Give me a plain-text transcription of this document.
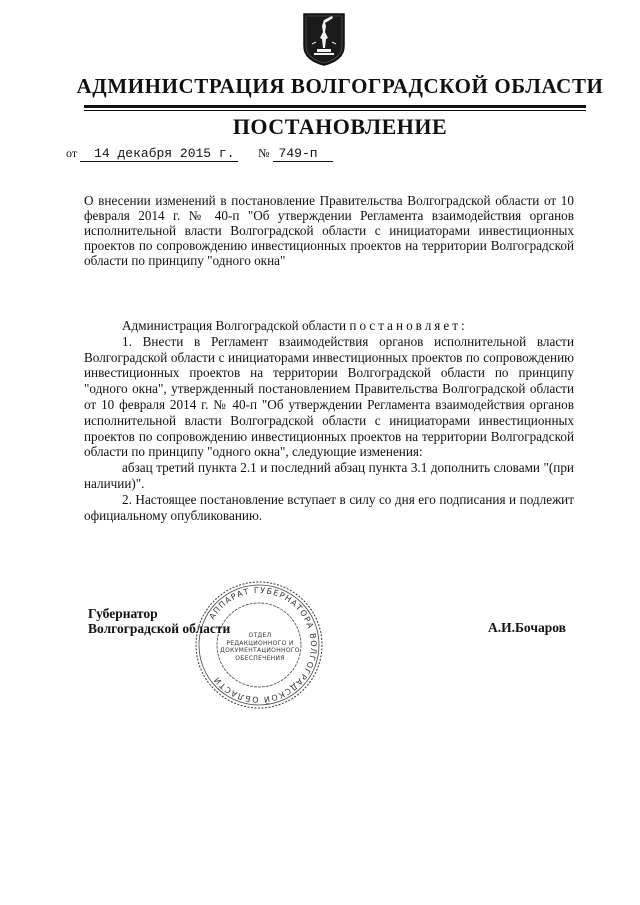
АДМИНИСТРАЦИЯ ВОЛГОГРАДСКОЙ ОБЛАСТИ
ПОСТАНОВЛЕНИЕ
от 14 декабря 2015 г. № 749-п
О внесении изменений в постановление Правительства Волгоградской области от 10 февраля 2014 г. № 40-п "Об утверждении Регламента взаимодействия органов исполнительной власти Волгоградской области с инициаторами инвестиционных проектов по сопровождению инвестиционных проектов на территории Волгоградской области по принципу "одного окна"

Администрация Волгоградской области постановляет:

1. Внести в Регламент взаимодействия органов исполнительной власти Волгоградской области с инициаторами инвестиционных проектов по сопровождению инвестиционных проектов на территории Волгоградской области по принципу "одного окна", утвержденный постановлением Правительства Волгоградской области от 10 февраля 2014 г. № 40-п "Об утверждении Регламента взаимодействия органов исполнительной власти Волгоградской области с инициаторами инвестиционных проектов по сопровождению инвестиционных проектов на территории Волгоградской области по принципу "одного окна", следующие изменения:

абзац третий пункта 2.1 и последний абзац пункта 3.1 дополнить словами "(при наличии)".

2. Настоящее постановление вступает в силу со дня его подписания и подлежит официальному опубликованию.

АППАРАТ ГУБЕРНАТОРА ВОЛГОГРАДСКОЙ ОБЛАСТИ
ОТДЕЛ
РЕДАКЦИОННОГО И
ДОКУМЕНТАЦИОННОГО
ОБЕСПЕЧЕНИЯ
Губернатор
Волгоградской области	А.И.Бочаров
